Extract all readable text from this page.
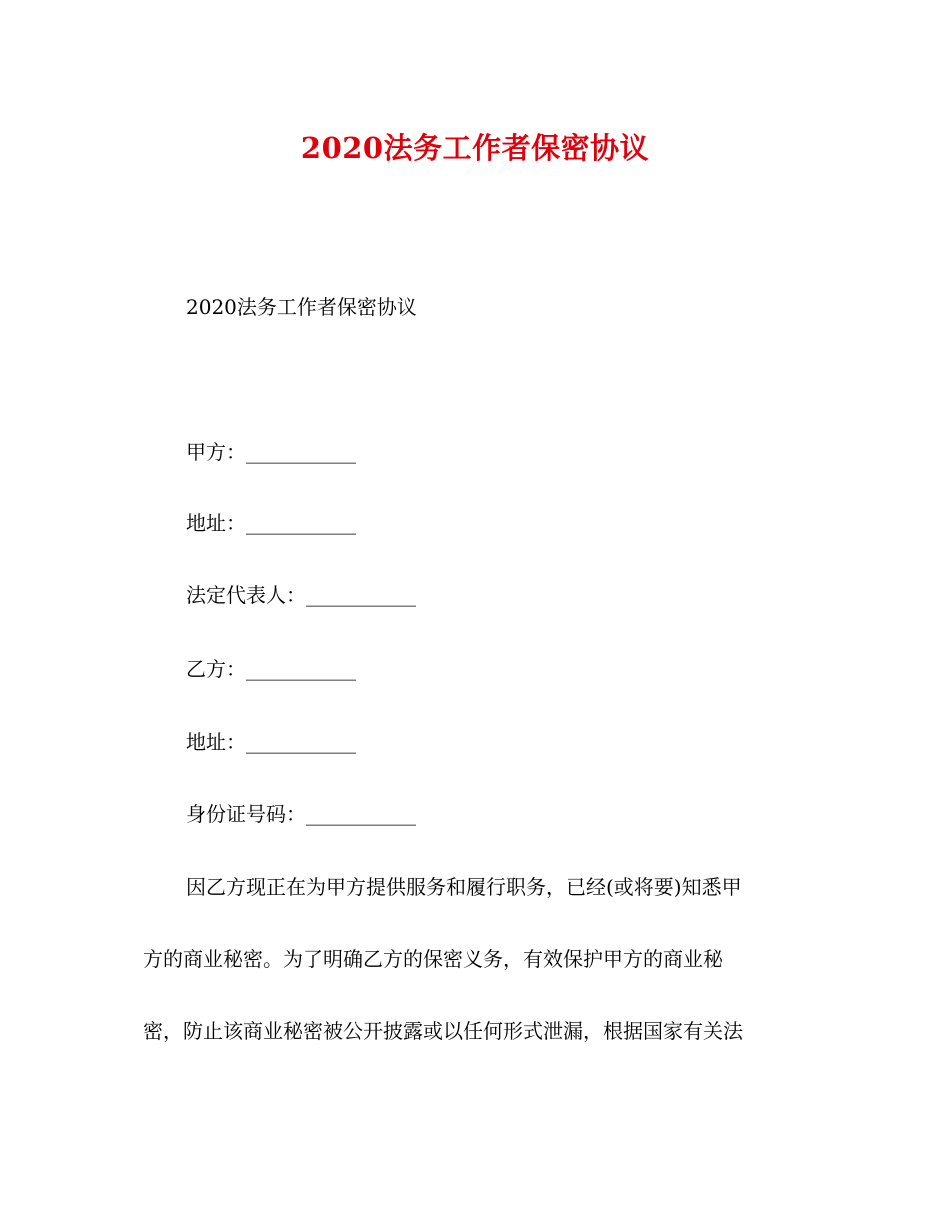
2020法务工作者保密协议
2020法务工作者保密协议
甲方：___________
地址：___________
法定代表人：___________
乙方：___________
地址：___________
身份证号码：___________
因乙方现正在为甲方提供服务和履行职务，已经(或将要)知悉甲
方的商业秘密。为了明确乙方的保密义务，有效保护甲方的商业秘
密，防止该商业秘密被公开披露或以任何形式泄漏，根据国家有关法
